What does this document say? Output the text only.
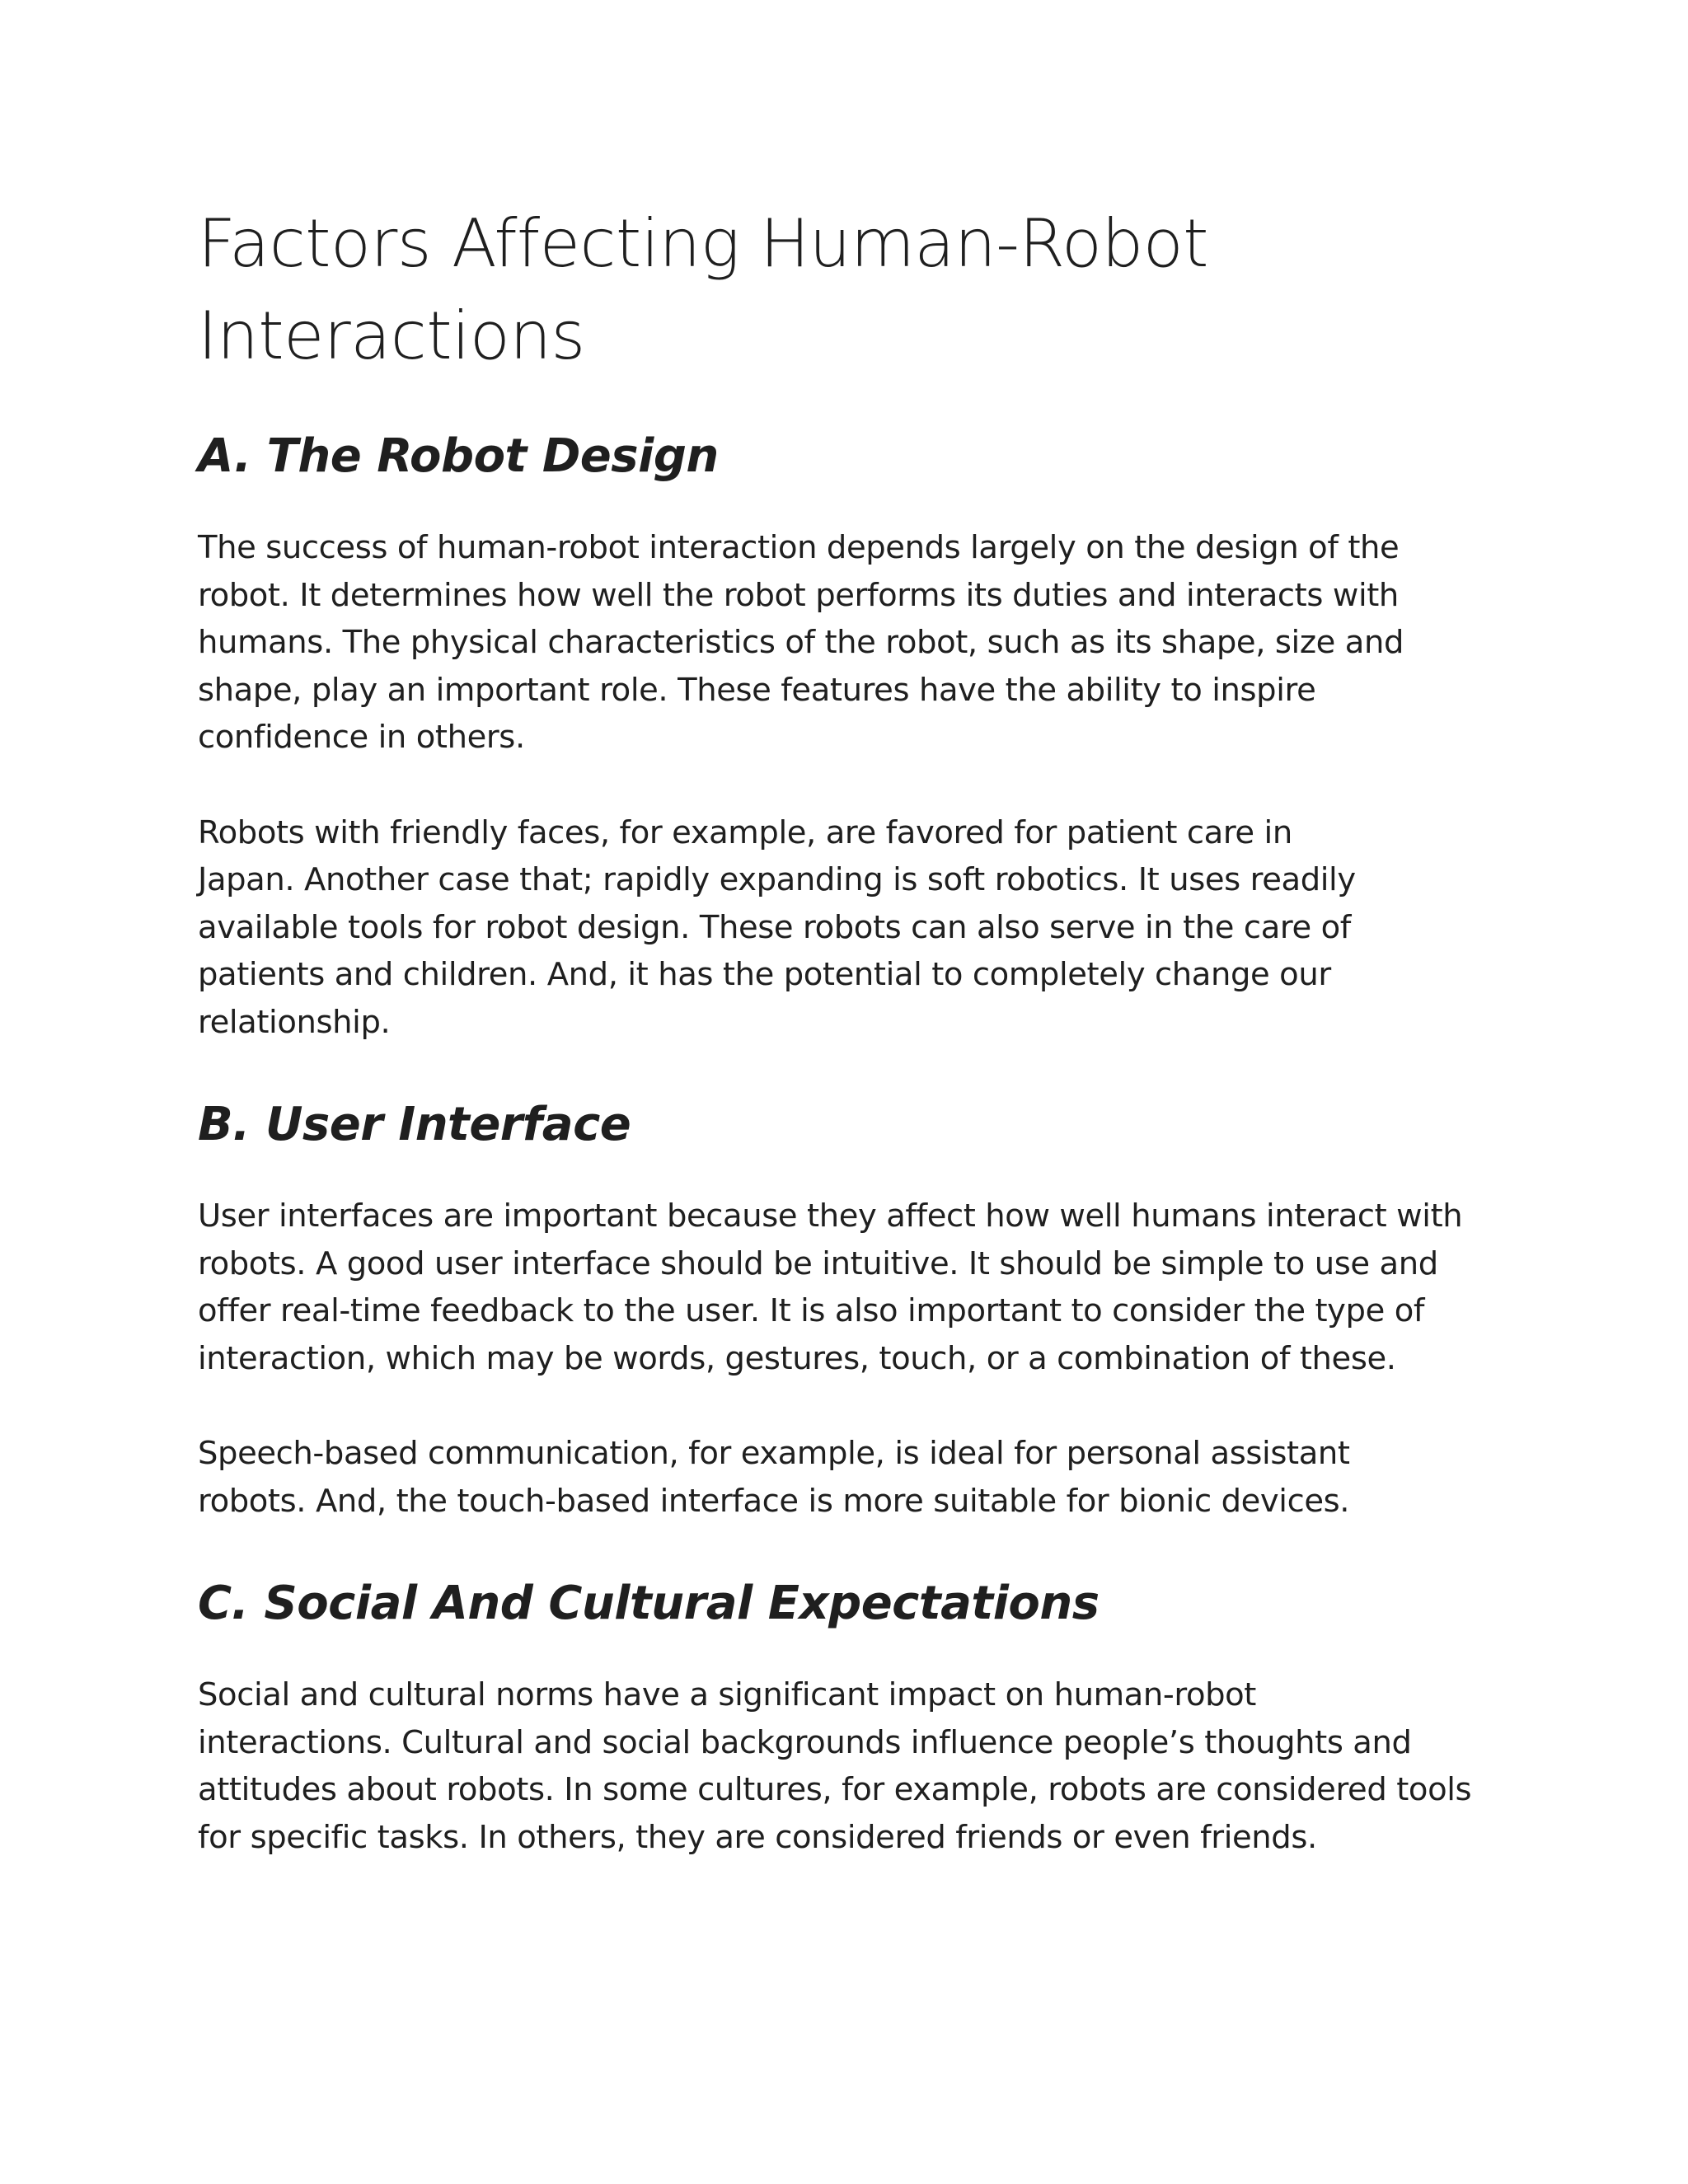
Factors Affecting Human-Robot
Interactions
A. The Robot Design

The success of human-robot interaction depends largely on the design of the
robot. It determines how well the robot performs its duties and interacts with
humans. The physical characteristics of the robot, such as its shape, size and
shape, play an important role. These features have the ability to inspire
confidence in others.

Robots with friendly faces, for example, are favored for patient care in
Japan. Another case that; rapidly expanding is soft robotics. It uses readily
available tools for robot design. These robots can also serve in the care of
patients and children. And, it has the potential to completely change our
relationship.

B. User Interface

User interfaces are important because they affect how well humans interact with
robots. A good user interface should be intuitive. It should be simple to use and
offer real-time feedback to the user. It is also important to consider the type of
interaction, which may be words, gestures, touch, or a combination of these.

Speech-based communication, for example, is ideal for personal assistant
robots. And, the touch-based interface is more suitable for bionic devices.

C. Social And Cultural Expectations

Social and cultural norms have a significant impact on human-robot
interactions. Cultural and social backgrounds influence people’s thoughts and
attitudes about robots. In some cultures, for example, robots are considered tools
for specific tasks. In others, they are considered friends or even friends.
